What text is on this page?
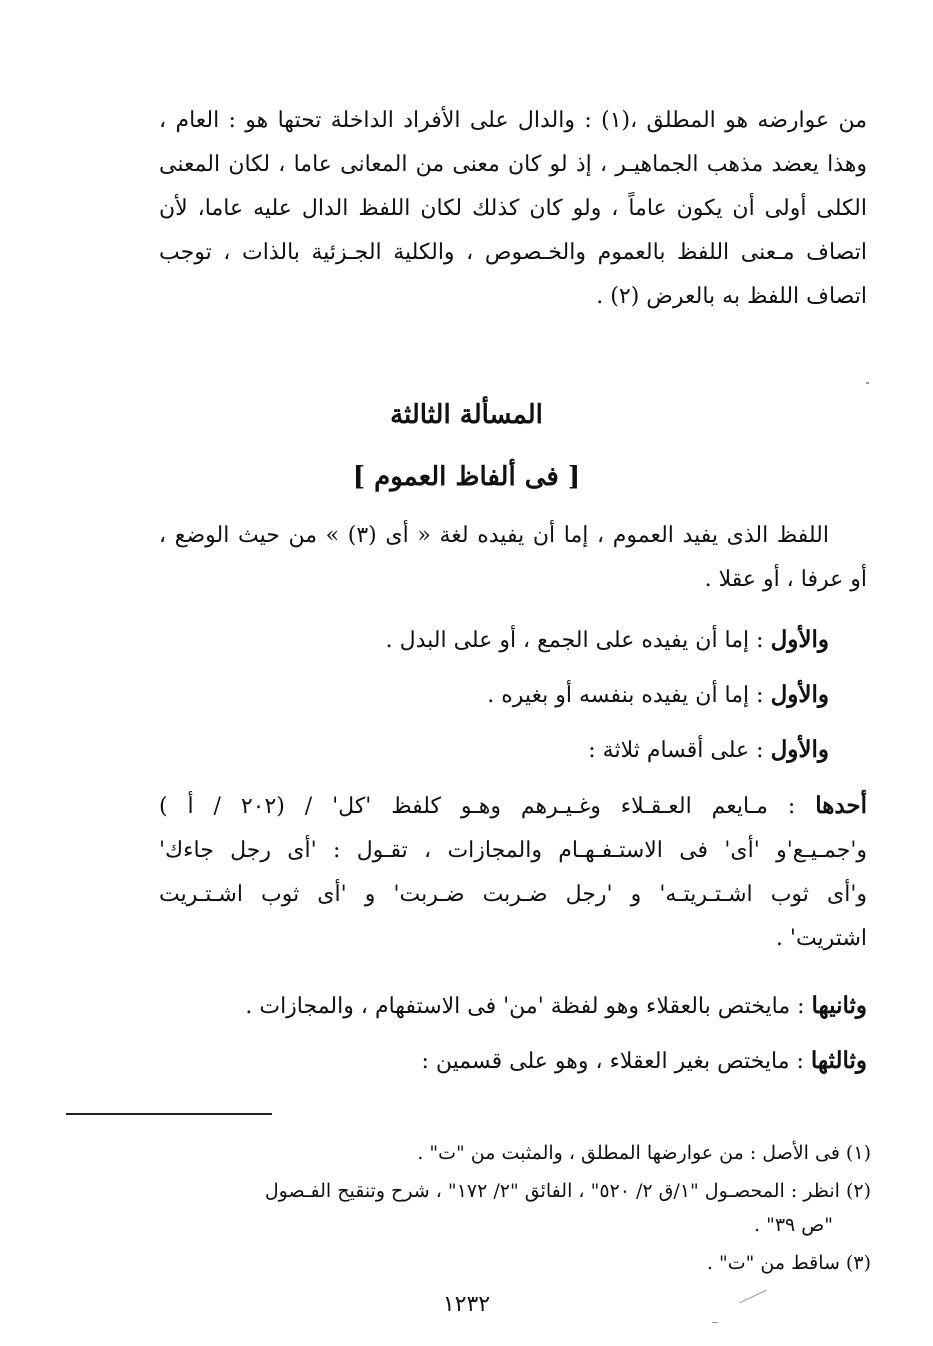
من عوارضه هو المطلق ،(١) : والدال على الأفراد الداخلة تحتها هو : العام ،
وهذا يعضد مذهب الجماهيـر ، إذ لو كان معنى من المعانى عاما ، لكان المعنى
الكلى أولى أن يكون عاماً ، ولو كان كذلك لكان اللفظ الدال عليه عاما، لأن
اتصاف مـعنى اللفظ بالعموم والخـصوص ، والكلية الجـزئية بالذات ، توجب
اتصاف اللفظ به بالعرض (٢) .
المسألة الثالثة
[ فى ألفاظ العموم ]
اللفظ الذى يفيد العموم ، إما أن يفيده لغة « أى (٣) » من حيث الوضع ،
أو عرفا ، أو عقلا .
والأول : إما أن يفيده على الجمع ، أو على البدل .
والأول : إما أن يفيده بنفسه أو بغيره .
والأول : على أقسام ثلاثة :
أحدها : مـايعم العـقـلاء وغـيـرهم وهـو كلفظ 'كل' / (٢٠٢ / أ )
و'جمـيـع'و 'أى' فى الاستـفـهـام والمجازات ، تقـول : 'أى رجل جاءك'
و'أى ثوب اشـتـريتـه' و 'رجل ضـربت ضـربت' و 'أى ثوب اشـتـريت
اشتريت' .
وثانيها : مايختص بالعقلاء وهو لفظة 'من' فى الاستفهام ، والمجازات .
وثالثها : مايختص بغير العقلاء ، وهو على قسمين :
(١) فى الأصل : من عوارضها المطلق ، والمثبت من "ت" .
(٢) انظر : المحصـول "١/ق ٢/ ٥٢٠" ، الفائق "٢/ ١٧٢" ، شرح وتنقيح الفـصول
"ص ٣٩" .
(٣) ساقط من "ت" .
١٢٣٢
